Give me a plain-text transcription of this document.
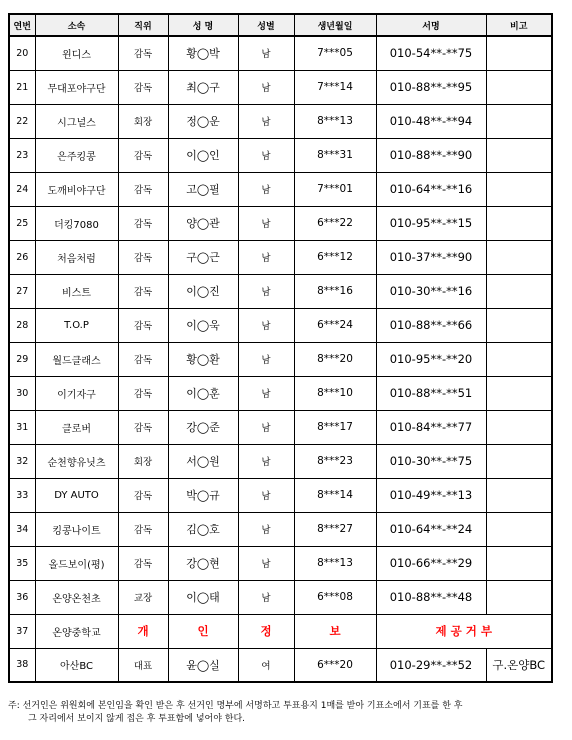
연번	소속	직위	성 명	성별	생년월일	서명	비고
20	윈디스	감독	황◯박	남	7***05	010-54**-**75	
21	무대포야구단	감독	최◯구	남	7***14	010-88**-**95	
22	시그널스	회장	정◯운	남	8***13	010-48**-**94	
23	은주킹콩	감독	이◯인	남	8***31	010-88**-**90	
24	도깨비야구단	감독	고◯필	남	7***01	010-64**-**16	
25	더킹7080	감독	양◯관	남	6***22	010-95**-**15	
26	처음처럼	감독	구◯근	남	6***12	010-37**-**90	
27	비스트	감독	이◯진	남	8***16	010-30**-**16	
28	T.O.P	감독	이◯욱	남	6***24	010-88**-**66	
29	월드클래스	감독	황◯환	남	8***20	010-95**-**20	
30	이기자구	감독	이◯훈	남	8***10	010-88**-**51	
31	클로버	감독	강◯준	남	8***17	010-84**-**77	
32	순천향유닛츠	회장	서◯원	남	8***23	010-30**-**75	
33	DY AUTO	감독	박◯규	남	8***14	010-49**-**13	
34	킹콩나이트	감독	김◯호	남	8***27	010-64**-**24	
35	올드보이(평)	감독	강◯현	남	8***13	010-66**-**29	
36	온양온천초	교장	이◯태	남	6***08	010-88**-**48	
37	온양중학교	개	인	정	보	제 공 거 부	
38	아산BC	대표	윤◯실	여	6***20	010-29**-**52	구.온양BC
주: 선거인은 위원회에 본인임을 확인 받은 후 선거인 명부에 서명하고 투표용지 1매를 받아 기표소에서 기표를 한 후
그 자리에서 보이지 않게 접은 후 투표함에 넣어야 한다.
